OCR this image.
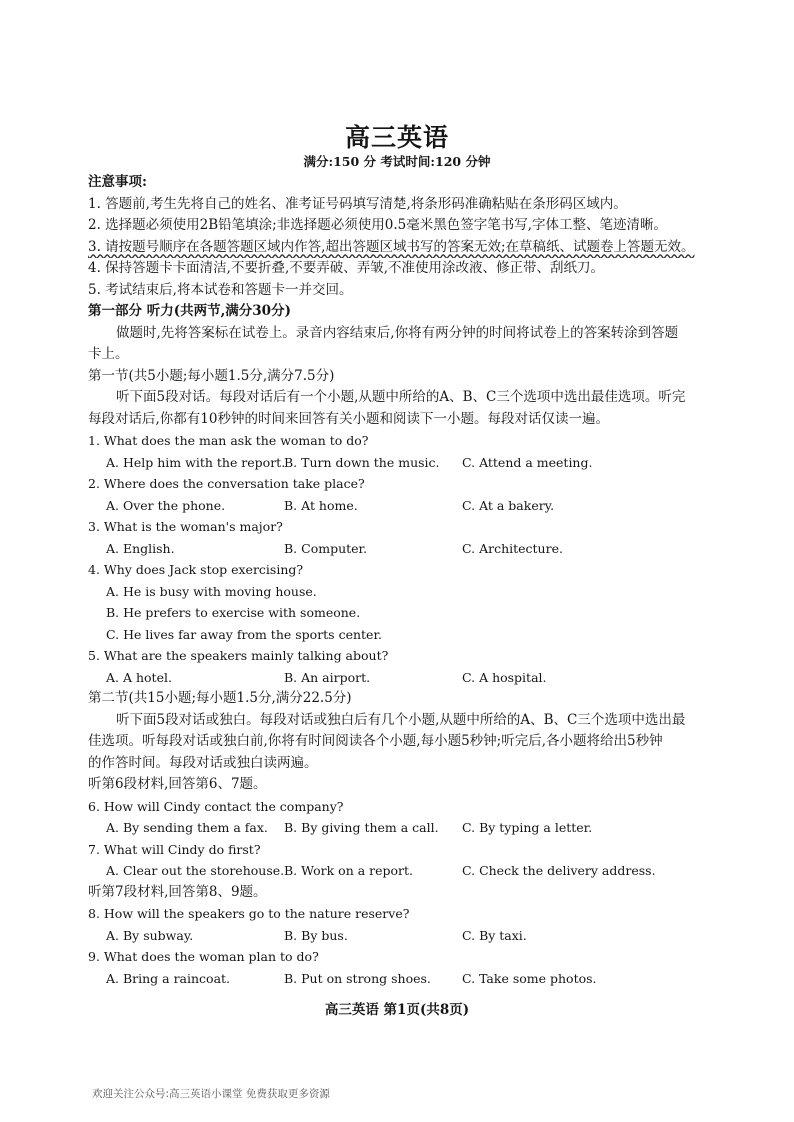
高三英语
满分:150 分 考试时间:120 分钟
注意事项:
1. 答题前,考生先将自己的姓名、准考证号码填写清楚,将条形码准确粘贴在条形码区域内。
2. 选择题必须使用2B铅笔填涂;非选择题必须使用0.5毫米黑色签字笔书写,字体工整、笔迹清晰。
3. 请按题号顺序在各题答题区域内作答,超出答题区域书写的答案无效;在草稿纸、试题卷上答题无效。
4. 保持答题卡卡面清洁,不要折叠,不要弄破、弄皱,不准使用涂改液、修正带、刮纸刀。
5. 考试结束后,将本试卷和答题卡一并交回。
第一部分 听力(共两节,满分30分)
做题时,先将答案标在试卷上。录音内容结束后,你将有两分钟的时间将试卷上的答案转涂到答题
卡上。
第一节(共5小题;每小题1.5分,满分7.5分)
听下面5段对话。每段对话后有一个小题,从题中所给的A、B、C三个选项中选出最佳选项。听完
每段对话后,你都有10秒钟的时间来回答有关小题和阅读下一小题。每段对话仅读一遍。
1. What does the man ask the woman to do?
A. Help him with the report.
B. Turn down the music.	C. Attend a meeting.
2. Where does the conversation take place?
A. Over the phone.	B. At home.	C. At a bakery.
3. What is the woman's major?
A. English.	B. Computer.	C. Architecture.
4. Why does Jack stop exercising?
A. He is busy with moving house.
B. He prefers to exercise with someone.
C. He lives far away from the sports center.
5. What are the speakers mainly talking about?
A. A hotel.	B. An airport.	C. A hospital.
第二节(共15小题;每小题1.5分,满分22.5分)
听下面5段对话或独白。每段对话或独白后有几个小题,从题中所给的A、B、C三个选项中选出最
佳选项。听每段对话或独白前,你将有时间阅读各个小题,每小题5秒钟;听完后,各小题将给出5秒钟
的作答时间。每段对话或独白读两遍。
听第6段材料,回答第6、7题。
6. How will Cindy contact the company?
A. By sending them a fax.	B. By giving them a call.	C. By typing a letter.
7. What will Cindy do first?
A. Clear out the storehouse. B. Work on a report.	C. Check the delivery address.
听第7段材料,回答第8、9题。
8. How will the speakers go to the nature reserve?
A. By subway.	B. By bus.	C. By taxi.
9. What does the woman plan to do?
A. Bring a raincoat.	B. Put on strong shoes.	C. Take some photos.
高三英语 第1页(共8页)
欢迎关注公众号:高三英语小课堂 免费获取更多资源
